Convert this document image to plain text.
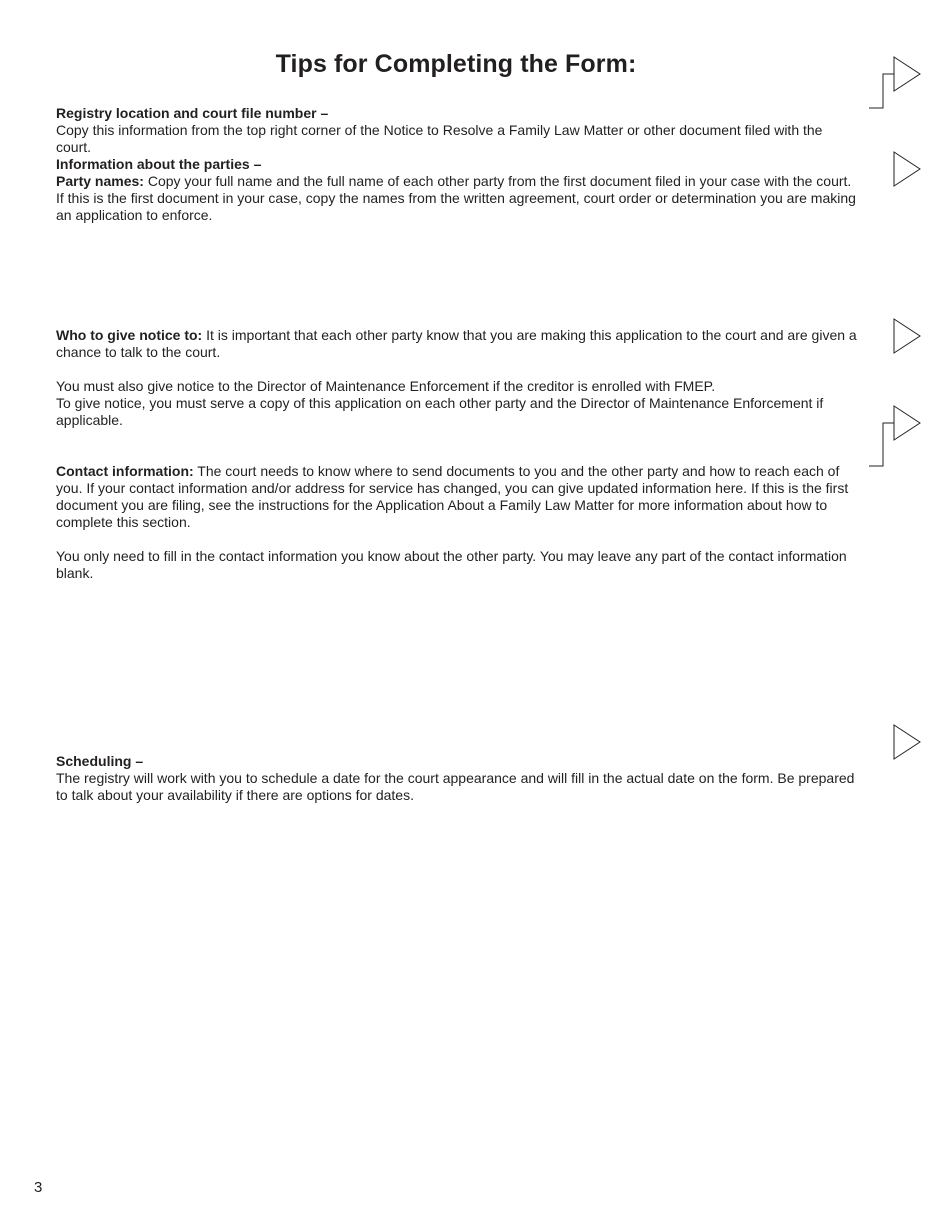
Tips for Completing the Form:

Registry location and court file number –

Copy this information from the top right corner of the Notice to Resolve a Family Law Matter or other document filed with the court.

Information about the parties –

Party names: Copy your full name and the full name of each other party from the first document filed in your case with the court. If this is the first document in your case, copy the names from the written agreement, court order or determination you are making an application to enforce.

Who to give notice to: It is important that each other party know that you are making this application to the court and are given a chance to talk to the court.

You must also give notice to the Director of Maintenance Enforcement if the creditor is enrolled with FMEP.

To give notice, you must serve a copy of this application on each other party and the Director of Maintenance Enforcement if applicable.

Contact information: The court needs to know where to send documents to you and the other party and how to reach each of you. If your contact information and/or address for service has changed, you can give updated information here. If this is the first document you are filing, see the instructions for the Application About a Family Law Matter for more information about how to complete this section.

You only need to fill in the contact information you know about the other party. You may leave any part of the contact information blank.

Scheduling –

The registry will work with you to schedule a date for the court appearance and will fill in the actual date on the form. Be prepared to talk about your availability if there are options for dates.

3
